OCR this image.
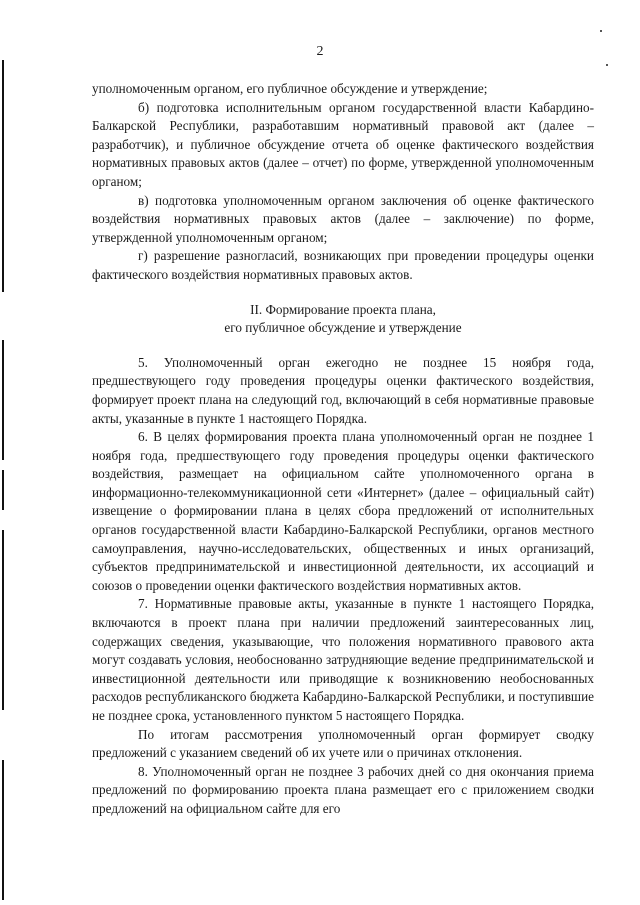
2

уполномоченным органом, его публичное обсуждение и утверждение;

б) подготовка исполнительным органом государственной власти Кабардино-Балкарской Республики, разработавшим нормативный правовой акт (далее – разработчик), и публичное обсуждение отчета об оценке фактического воздействия нормативных правовых актов (далее – отчет) по форме, утвержденной уполномоченным органом;

в) подготовка уполномоченным органом заключения об оценке фактического воздействия нормативных правовых актов (далее – заключение) по форме, утвержденной уполномоченным органом;

г) разрешение разногласий, возникающих при проведении процедуры оценки фактического воздействия нормативных правовых актов.

II. Формирование проекта плана,
его публичное обсуждение и утверждение

5. Уполномоченный орган ежегодно не позднее 15 ноября года, предшествующего году проведения процедуры оценки фактического воздействия, формирует проект плана на следующий год, включающий в себя нормативные правовые акты, указанные в пункте 1 настоящего Порядка.

6. В целях формирования проекта плана уполномоченный орган не позднее 1 ноября года, предшествующего году проведения процедуры оценки фактического воздействия, размещает на официальном сайте уполномоченного органа в информационно-телекоммуникационной сети «Интернет» (далее – официальный сайт) извещение о формировании плана в целях сбора предложений от исполнительных органов государственной власти Кабардино-Балкарской Республики, органов местного самоуправления, научно-исследовательских, общественных и иных организаций, субъектов предпринимательской и инвестиционной деятельности, их ассоциаций и союзов о проведении оценки фактического воздействия нормативных актов.

7. Нормативные правовые акты, указанные в пункте 1 настоящего Порядка, включаются в проект плана при наличии предложений заинтересованных лиц, содержащих сведения, указывающие, что положения нормативного правового акта могут создавать условия, необоснованно затрудняющие ведение предпринимательской и инвестиционной деятельности или приводящие к возникновению необоснованных расходов республиканского бюджета Кабардино-Балкарской Республики, и поступившие не позднее срока, установленного пунктом 5 настоящего Порядка.

По итогам рассмотрения уполномоченный орган формирует сводку предложений с указанием сведений об их учете или о причинах отклонения.

8. Уполномоченный орган не позднее 3 рабочих дней со дня окончания приема предложений по формированию проекта плана размещает его с приложением сводки предложений на официальном сайте для его
